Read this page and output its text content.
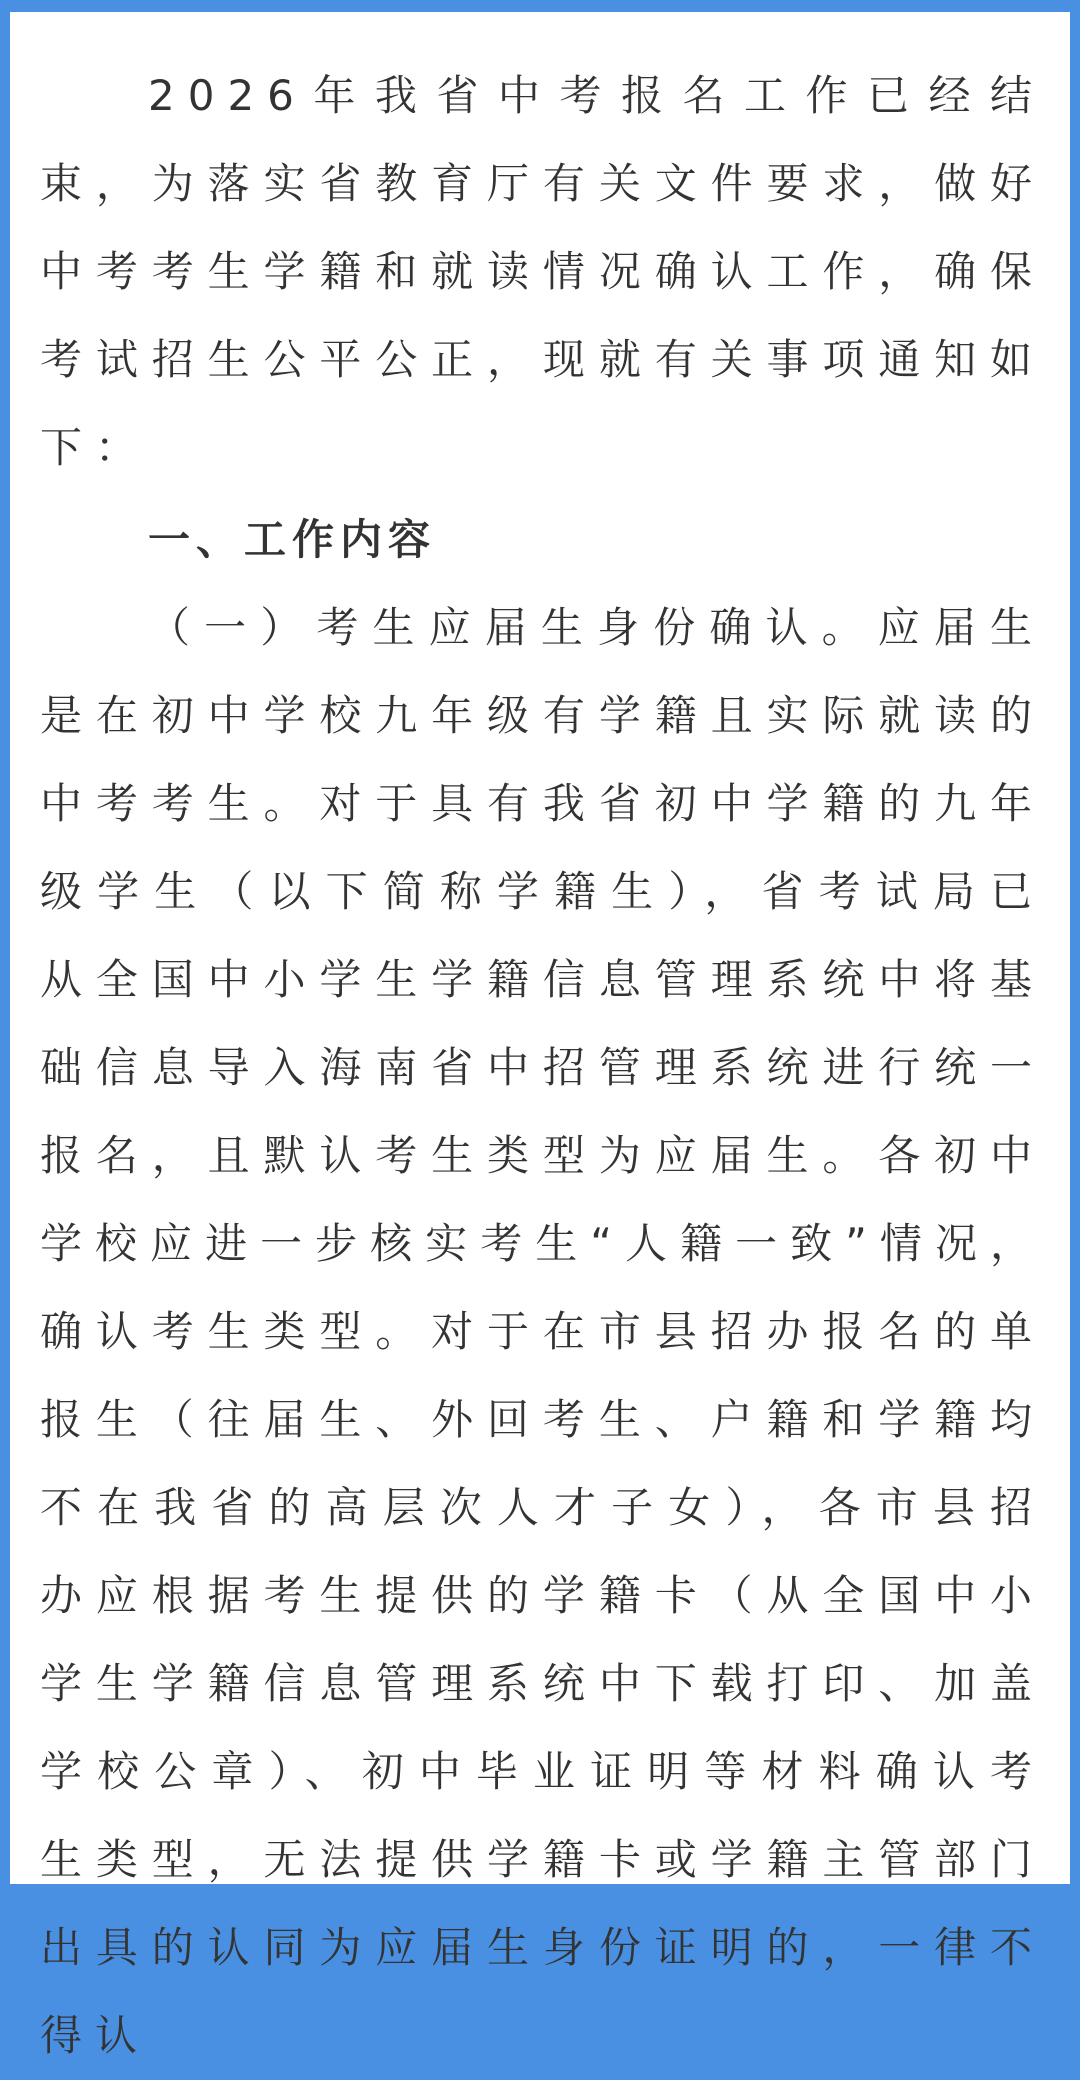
2026年我省中考报名工作已经结束，为落实省教育厅有关文件要求，做好中考考生学籍和就读情况确认工作，确保考试招生公平公正，现就有关事项通知如下：

一、工作内容

（一）考生应届生身份确认。应届生是在初中学校九年级有学籍且实际就读的中考考生。对于具有我省初中学籍的九年级学生（以下简称学籍生），省考试局已从全国中小学生学籍信息管理系统中将基础信息导入海南省中招管理系统进行统一报名，且默认考生类型为应届生。各初中学校应进一步核实考生“人籍一致”情况，确认考生类型。对于在市县招办报名的单报生（往届生、外回考生、户籍和学籍均不在我省的高层次人才子女），各市县招办应根据考生提供的学籍卡（从全国中小学生学籍信息管理系统中下载打印、加盖学校公章）、初中毕业证明等材料确认考生类型，无法提供学籍卡或学籍主管部门出具的认同为应届生身份证明的，一律不得认
